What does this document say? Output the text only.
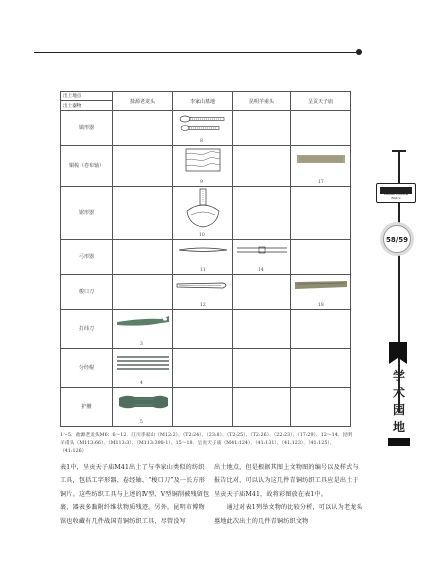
出土地点
出土器物	盐源老龙头	李家山墓地	昆明羊甫头	呈贡天子庙
镇形器		8		

铜梳（卷布轴）		9		17

锯形器		10		

弓形器		11	14	

梭口刀		12		18

打纬刀	3			

分经棍	4			

护腰	5			

1～5．盐源老龙头M6；6～12．江川李家山（M12:2）、（T2:24）、（23:8）、（T2:25）、（T2:26）、（22:23）、（17:29）、12～14．昆明羊甫头（M113:66）、（M113:3）、（M113:398-1）、15～18．呈贡天子庙（M41:124）、（41:131）、（41:123）、（41:125）、（41:126）

表1中，呈贡天子庙M41出土了与李家山类似的纺织工具，包括工字形器、卷经轴、“梭口刀”及一长方形铜片。这些纺织工具与上述的Ⅳ型、Ⅴ型铜削被残留包裹，器表多黏附纤维状物质残迹。另外，昆明市博物馆也收藏有几件战国青铜纺织工具，尽管没写

出土地点，但是根据其图上文物图的编号以及样式与报告比对，可以认为这几件青铜纺织工具应是出土于呈贡天子庙M41，故将彩图放在表1中。
　　通过对表1列举文物的比较分析，可以认为老龙头墓地此次出土的几件青铜纺织文物

Yunnan Cultural Relics
58/59
学术园地
